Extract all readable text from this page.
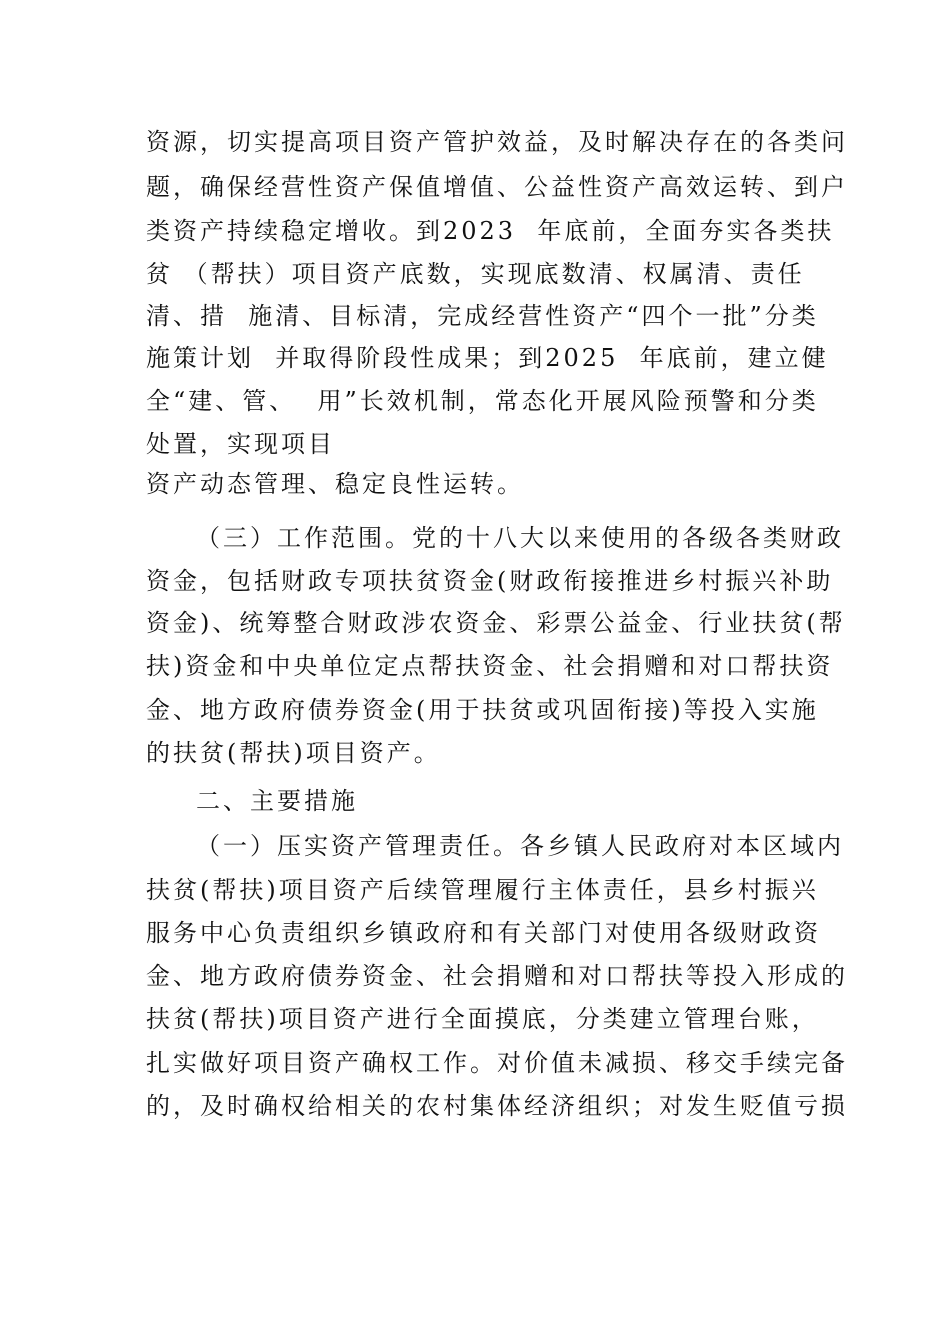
资源，切实提高项目资产管护效益，及时解决存在的各类问
题，确保经营性资产保值增值、公益性资产高效运转、到户
类资产持续稳定增收。到2023  年底前，全面夯实各类扶
贫 （帮扶）项目资产底数，实现底数清、权属清、责任
清、措  施清、目标清，完成经营性资产“四个一批”分类
施策计划  并取得阶段性成果；到2025  年底前，建立健
全“建、管、  用”长效机制，常态化开展风险预警和分类
处置，实现项目
资产动态管理、稳定良性运转。
（三）工作范围。党的十八大以来使用的各级各类财政
资金，包括财政专项扶贫资金(财政衔接推进乡村振兴补助
资金)、统筹整合财政涉农资金、彩票公益金、行业扶贫(帮
扶)资金和中央单位定点帮扶资金、社会捐赠和对口帮扶资
金、地方政府债券资金(用于扶贫或巩固衔接)等投入实施
的扶贫(帮扶)项目资产。
二、主要措施
（一）压实资产管理责任。各乡镇人民政府对本区域内
扶贫(帮扶)项目资产后续管理履行主体责任，县乡村振兴
服务中心负责组织乡镇政府和有关部门对使用各级财政资
金、地方政府债券资金、社会捐赠和对口帮扶等投入形成的
扶贫(帮扶)项目资产进行全面摸底，分类建立管理台账，
扎实做好项目资产确权工作。对价值未减损、移交手续完备
的，及时确权给相关的农村集体经济组织；对发生贬值亏损
